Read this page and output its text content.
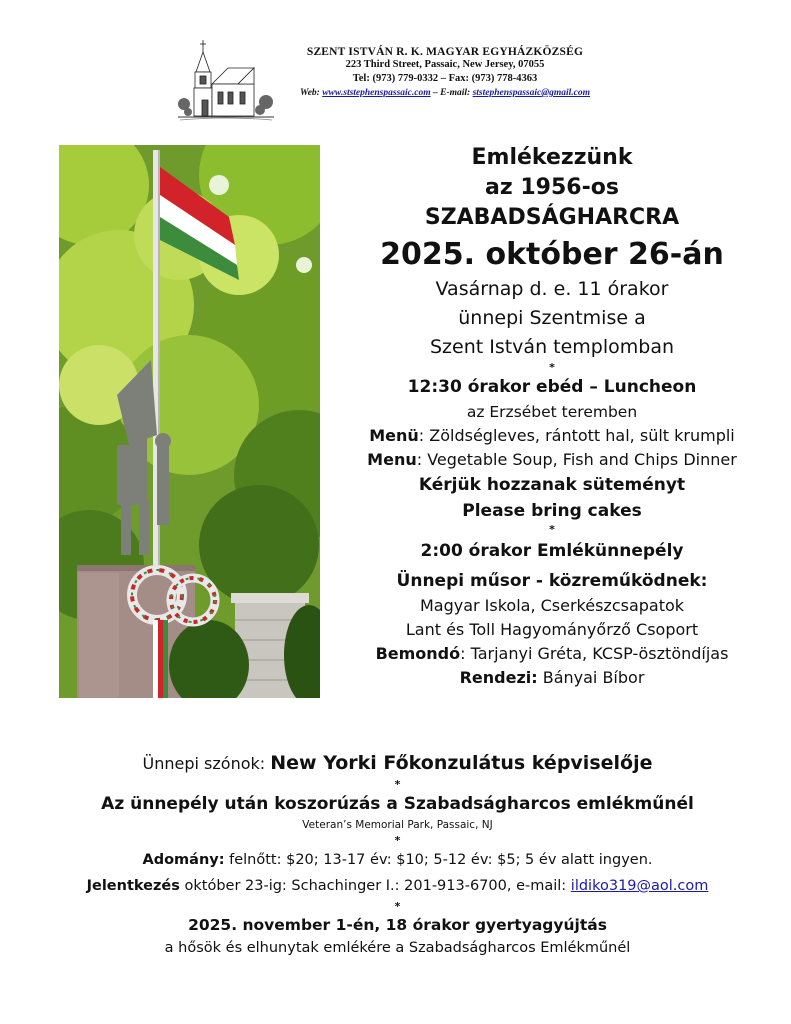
SZENT ISTVÁN R. K. MAGYAR EGYHÁZKÖZSÉG
223 Third Street, Passaic, New Jersey, 07055
Tel: (973) 779-0332 – Fax: (973) 778-4363
Web: www.ststephenspassaic.com – E-mail: ststephenspassaic@gmail.com
Emlékezzünk
az 1956-os
SZABADSÁGHARCRA
2025. október 26-án
Vasárnap d. e. 11 órakor
ünnepi Szentmise a
Szent István templomban
*
12:30 órakor ebéd – Luncheon
az Erzsébet teremben
Menü: Zöldségleves, rántott hal, sült krumpli
Menu: Vegetable Soup, Fish and Chips Dinner
Kérjük hozzanak süteményt
Please bring cakes
*
2:00 órakor Emlékünnepély
Ünnepi műsor - közreműködnek:
Magyar Iskola, Cserkészcsapatok
Lant és Toll Hagyományőrző Csoport
Bemondó: Tarjanyi Gréta, KCSP-ösztöndíjas
Rendezi: Bányai Bíbor
Ünnepi szónok: New Yorki Főkonzulátus képviselője
*
Az ünnepély után koszorúzás a Szabadságharcos emlékműnél
Veteran’s Memorial Park, Passaic, NJ
*
Adomány: felnőtt: $20; 13-17 év: $10; 5-12 év: $5; 5 év alatt ingyen.
Jelentkezés október 23-ig: Schachinger I.: 201-913-6700, e-mail: ildiko319@aol.com
*
2025. november 1-én, 18 órakor gyertyagyújtás
a hősök és elhunytak emlékére a Szabadságharcos Emlékműnél
